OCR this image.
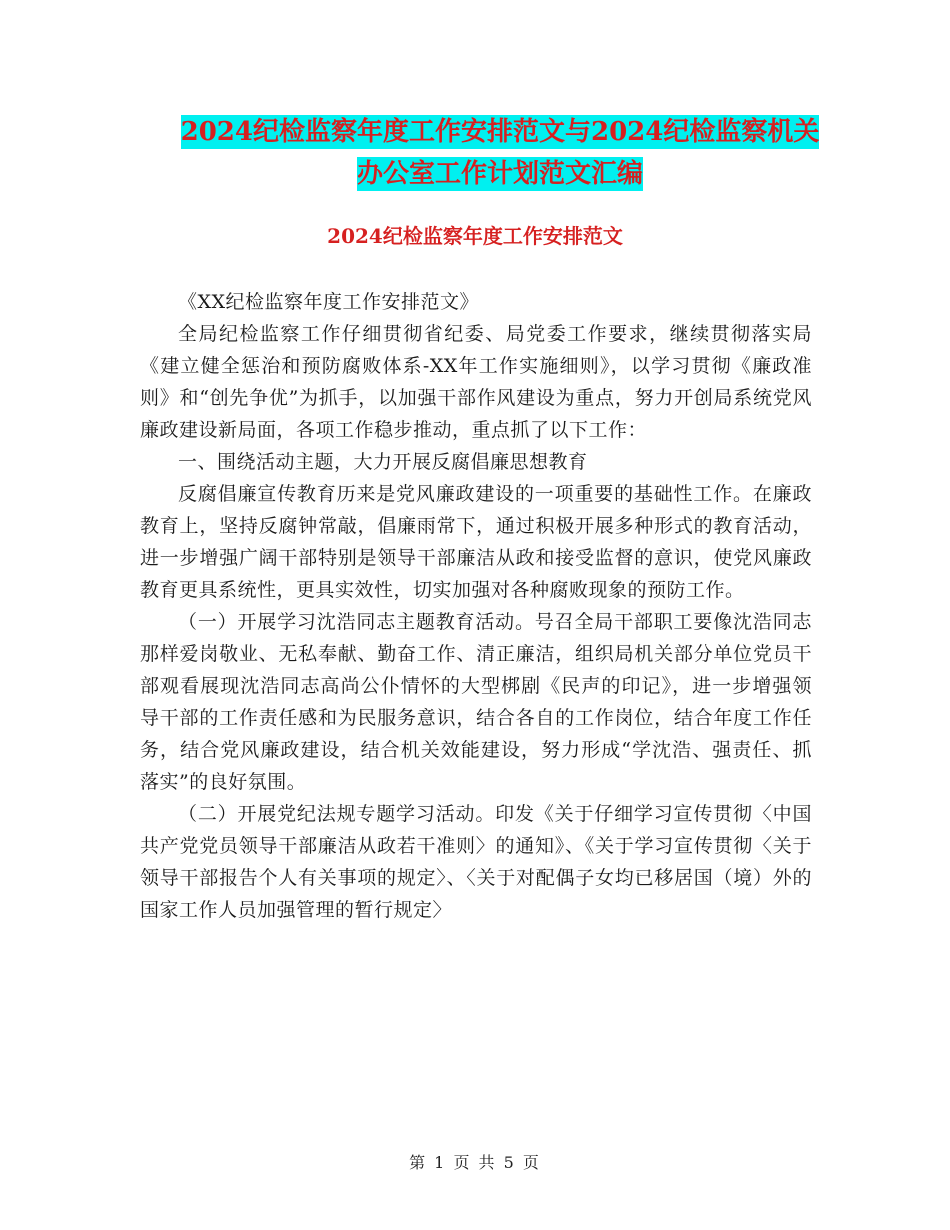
2024纪检监察年度工作安排范文与2024纪检监察机关
办公室工作计划范文汇编
2024纪检监察年度工作安排范文

《XX纪检监察年度工作安排范文》

全局纪检监察工作仔细贯彻省纪委、局党委工作要求，继续贯彻落实局《建立健全惩治和预防腐败体系-XX年工作实施细则》，以学习贯彻《廉政准则》和“创先争优”为抓手，以加强干部作风建设为重点，努力开创局系统党风廉政建设新局面，各项工作稳步推动，重点抓了以下工作：

一、围绕活动主题，大力开展反腐倡廉思想教育

反腐倡廉宣传教育历来是党风廉政建设的一项重要的基础性工作。在廉政教育上，坚持反腐钟常敲，倡廉雨常下，通过积极开展多种形式的教育活动，进一步增强广阔干部特别是领导干部廉洁从政和接受监督的意识，使党风廉政教育更具系统性，更具实效性，切实加强对各种腐败现象的预防工作。

（一）开展学习沈浩同志主题教育活动。号召全局干部职工要像沈浩同志那样爱岗敬业、无私奉献、勤奋工作、清正廉洁，组织局机关部分单位党员干部观看展现沈浩同志高尚公仆情怀的大型梆剧《民声的印记》，进一步增强领导干部的工作责任感和为民服务意识，结合各自的工作岗位，结合年度工作任务，结合党风廉政建设，结合机关效能建设，努力形成“学沈浩、强责任、抓落实”的良好氛围。

（二）开展党纪法规专题学习活动。印发《关于仔细学习宣传贯彻〈中国共产党党员领导干部廉洁从政若干准则〉的通知》、《关于学习宣传贯彻〈关于领导干部报告个人有关事项的规定〉、〈关于对配偶子女均已移居国（境）外的国家工作人员加强管理的暂行规定〉

第 1 页 共 5 页
